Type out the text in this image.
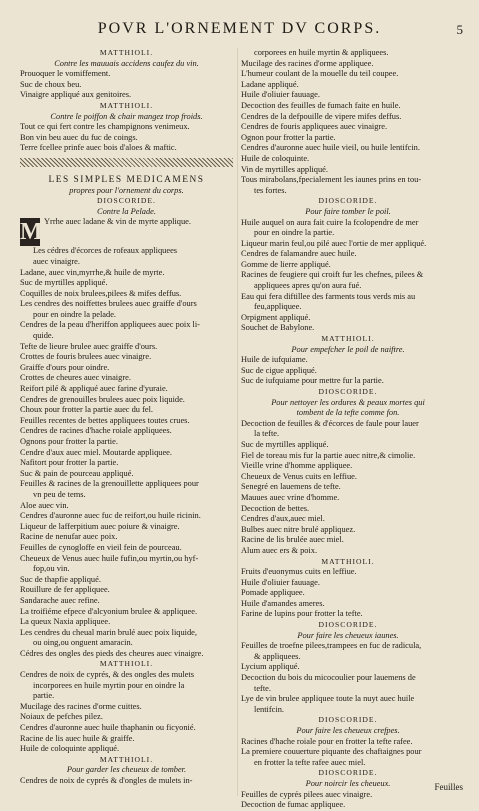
POVR L'ORNEMENT DV CORPS.	5
MATTHIOLI.
Contre les mauuais accidens caufez du vin.
Prouoquer le vomiffement.
Suc de choux beu.
Vinaigre appliqué aux genitoires.
MATTHIOLI.
Contre le poiffon & chair mangez trop froids.
Tout ce qui fert contre les champignons venimeux.
Bon vin beu auec du fuc de coings.
Terre fcellee prinfe auec bois d'aloes & maftic.
LES SIMPLES MEDICAMENS
propres pour l'ornement du corps.
DIOSCORIDE.
Contre la Pelade.
M Yrrhe auec ladane & vin de myrte applique.
Les cédres d'écorces de rofeaux appliquees
auec vinaigre.
Ladane, auec vin,myrrhe,& huile de myrte.
Suc de myrtilles appliqué.
Coquilles de noix brulees,pilees & mifes deffus.
Les cendres des noiffettes brulees auec graiffe d'ours
pour en oindre la pelade.
Cendres de la peau d'heriffon appliquees auec poix li-
quide.
Tefte de lieure brulee auec graiffe d'ours.
Crottes de fouris brulees auec vinaigre.
Graiffe d'ours pour oindre.
Crottes de cheures auec vinaigre.
Reifort pilé & appliqué auec farine d'yuraie.
Cendres de grenouilles brulees auec poix liquide.
Choux pour frotter la partie auec du fel.
Feuilles recentes de bettes appliquees toutes crues.
Cendres de racines d'hache roiale appliquees.
Ognons pour frotter la partie.
Cendre d'aux auec miel. Moutarde appliquee.
Nafitort pour frotter la partie.
Suc & pain de pourceau appliqué.
Feuilles & racines de la grenouillette appliquees pour
vn peu de tems.
Aloe auec vin.
Cendres d'auronne auec fuc de reifort,ou huile ricinin.
Liqueur de lafferpitium auec poiure & vinaigre.
Racine de nenufar auec poix.
Feuilles de cynogloffe en vieil fein de pourceau.
Cheueux de Venus auec huile fufin,ou myrtin,ou hyf-
fop,ou vin.
Suc de thapfie appliqué.
Rouillure de fer appliquee.
Sandarache auec refine.
La troifiéme efpece d'alcyonium brulee & appliquee.
La queux Naxia appliquee.
Les cendres du cheual marin brulé auec poix liquide,
ou oing,ou onguent amaracin.
Cédres des ongles des pieds des cheures auec vinaigre.
MATTHIOLI.
Cendres de noix de cyprés, & des ongles des mulets
incorporees en huile myrtin pour en oindre la
partie.
Mucilage des racines d'orme cuittes.
Noiaux de pefches pilez.
Cendres d'auronne auec huile thaphanin ou ficyonié.
Racine de lis auec huile & graiffe.
Huile de coloquinte appliqué.
MATTHIOLI.
Pour garder les cheueux de tomber.
Cendres de noix de cyprés & d'ongles de mulets in-
corporees en huile myrtin & appliquees.
Mucilage des racines d'orme appliquee.
L'humeur coulant de la mouelle du teil coupee.
Ladane appliqué.
Huile d'oliuier fauuage.
Decoction des feuilles de fumach faite en huile.
Cendres de la defpouille de vipere mifes deffus.
Cendres de fouris appliquees auec vinaigre.
Ognon pour frotter la partie.
Cendres d'auronne auec huile vieil, ou huile lentifcin.
Huile de coloquinte.
Vin de myrtilles appliqué.
Tous mirabolans,fpecialement les iaunes prins en tou-
tes fortes.
DIOSCORIDE.
Pour faire tomber le poil.
Huile auquel on aura fait cuire la fcolopendre de mer
pour en oindre la partie.
Liqueur marin feul,ou pilé auec l'ortie de mer appliqué.
Cendres de falamandre auec huile.
Gomme de lierre appliqué.
Racines de feugiere qui croift fur les chefnes, pilees &
appliquees apres qu'on aura fué.
Eau qui fera diftillee des farments tous verds mis au
feu,appliquee.
Orpigment appliqué.
Souchet de Babylone.
MATTHIOLI.
Pour empefcher le poil de naiftre.
Huile de iufquiame.
Suc de cigue appliqué.
Suc de iufquiame pour mettre fur la partie.
DIOSCORIDE.
Pour nettoyer les ordures & peaux mortes qui
tombent de la tefte comme fon.
Decoction de feuilles & d'écorces de faule pour lauer
la tefte.
Suc de myrtilles appliqué.
Fiel de toreau mis fur la partie auec nitre,& cimolie.
Vieille vrine d'homme appliquee.
Cheueux de Venus cuits en leffiue.
Senegré en lauemens de tefte.
Mauues auec vrine d'homme.
Decoction de bettes.
Cendres d'aux,auec miel.
Bulbes auec nitre brulé appliquez.
Racine de lis brulée auec miel.
Alum auec ers & poix.
MATTHIOLI.
Fruits d'euonymus cuits en leffiue.
Huile d'oliuier fauuage.
Pomade appliquee.
Huile d'amandes ameres.
Farine de lupins pour frotter la tefte.
DIOSCORIDE.
Pour faire les cheueux iaunes.
Feuilles de troefne pilees,trampees en fuc de radicula,
& appliquees.
Lycium appliqué.
Decoction du bois du micocoulier pour lauemens de
tefte.
Lye de vin brulee appliquee toute la nuyt auec huile
lentifcin.
DIOSCORIDE.
Pour faire les cheueux crefpes.
Racines d'hache roiale pour en frotter la tefte rafee.
La premiere couuerture piquante des chaftaignes pour
en frotter la tefte rafee auec miel.
DIOSCORIDE.
Pour noircir les cheueux.
Feuilles de cyprés pilees auec vinaigre.
Decoction de fumac appliquee.
Feuilles
